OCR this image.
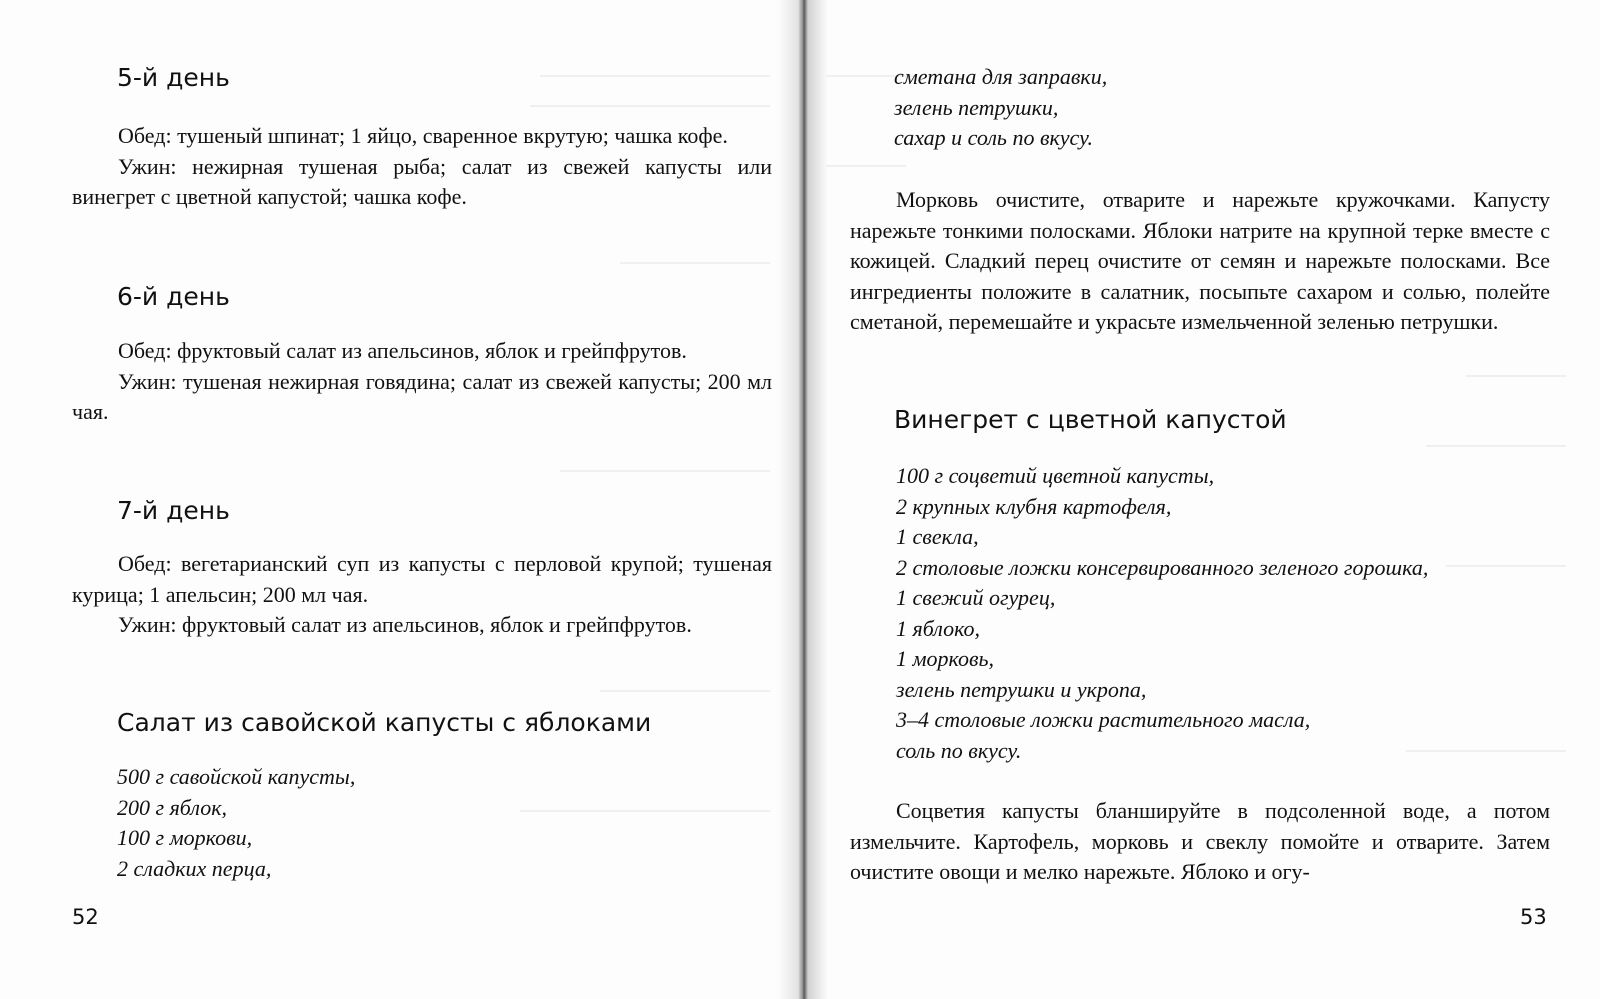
5-й день

Обед: тушеный шпинат; 1 яйцо, сваренное вкрутую; чашка кофе.

Ужин: нежирная тушеная рыба; салат из свежей капусты или винегрет с цветной капустой; чашка кофе.

6-й день

Обед: фруктовый салат из апельсинов, яблок и грейпфрутов.

Ужин: тушеная нежирная говядина; салат из свежей капусты; 200 мл чая.

7-й день

Обед: вегетарианский суп из капусты с перловой крупой; тушеная курица; 1 апельсин; 200 мл чая.

Ужин: фруктовый салат из апельсинов, яблок и грейпфрутов.

Салат из савойской капусты с яблоками
500 г савойской капусты,
200 г яблок,
100 г моркови,
2 сладких перца,
52
сметана для заправки,
зелень петрушки,
сахар и соль по вкусу.

Морковь очистите, отварите и нарежьте кружочками. Капусту нарежьте тонкими полосками. Яблоки натрите на крупной терке вместе с кожицей. Сладкий перец очистите от семян и нарежьте полосками. Все ингредиенты положите в салатник, посыпьте сахаром и солью, полейте сметаной, перемешайте и украсьте измельченной зеленью петрушки.

Винегрет с цветной капустой
100 г соцветий цветной капусты,
2 крупных клубня картофеля,
1 свекла,
2 столовые ложки консервированного зеленого горошка,
1 свежий огурец,
1 яблоко,
1 морковь,
зелень петрушки и укропа,
3–4 столовые ложки растительного масла,
соль по вкусу.

Соцветия капусты бланшируйте в подсоленной воде, а потом измельчите. Картофель, морковь и свеклу помойте и отварите. Затем очистите овощи и мелко нарежьте. Яблоко и огу-

53
